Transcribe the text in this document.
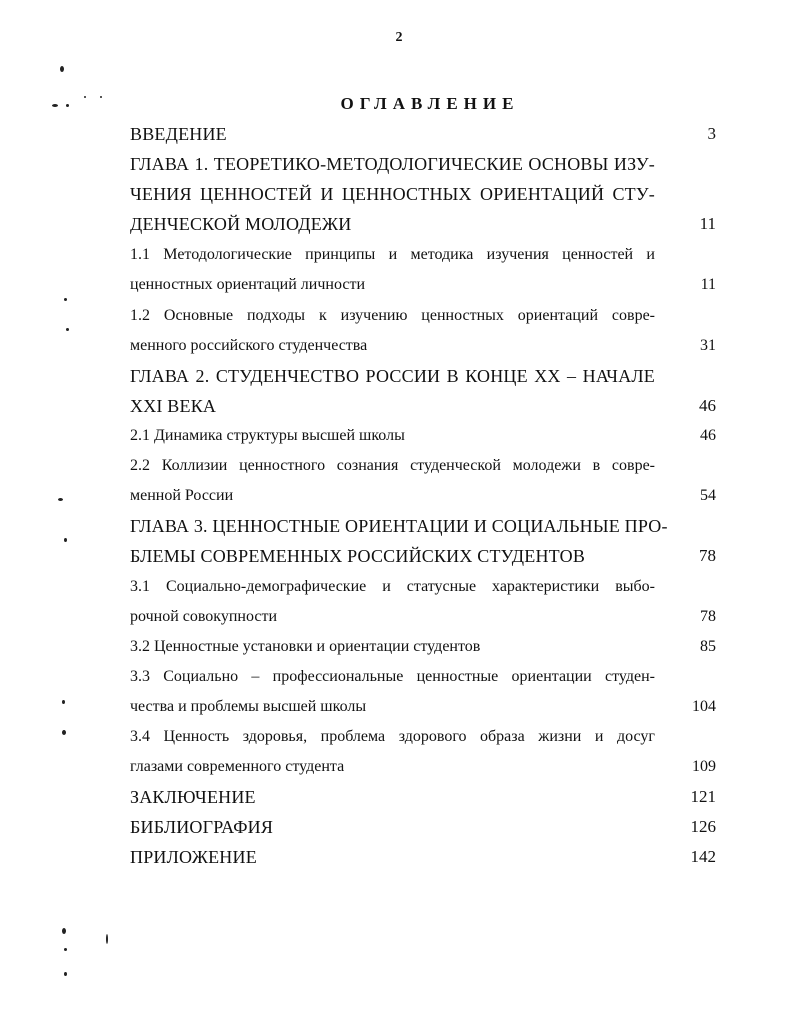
2
ОГЛАВЛЕНИЕ
ВВЕДЕНИЕ	3
ГЛАВА 1. ТЕОРЕТИКО-МЕТОДОЛОГИЧЕСКИЕ ОСНОВЫ ИЗУ-
ЧЕНИЯ ЦЕННОСТЕЙ И ЦЕННОСТНЫХ ОРИЕНТАЦИЙ СТУ-
ДЕНЧЕСКОЙ МОЛОДЕЖИ	11
1.1 Методологические принципы и методика изучения ценностей и
ценностных ориентаций личности	11
1.2 Основные подходы к изучению ценностных ориентаций совре-
менного российского студенчества	31
ГЛАВА 2. СТУДЕНЧЕСТВО РОССИИ В КОНЦЕ XX – НАЧАЛЕ
XXI ВЕКА	46
2.1 Динамика структуры высшей школы	46
2.2 Коллизии ценностного сознания студенческой молодежи в совре-
менной России	54
ГЛАВА 3. ЦЕННОСТНЫЕ ОРИЕНТАЦИИ И СОЦИАЛЬНЫЕ ПРО-
БЛЕМЫ СОВРЕМЕННЫХ РОССИЙСКИХ СТУДЕНТОВ	78
3.1 Социально-демографические и статусные характеристики выбо-
рочной совокупности	78
3.2 Ценностные установки и ориентации студентов	85
3.3 Социально – профессиональные ценностные ориентации студен-
чества и проблемы высшей школы	104
3.4 Ценность здоровья, проблема здорового образа жизни и досуг
глазами современного студента	109
ЗАКЛЮЧЕНИЕ	121
БИБЛИОГРАФИЯ	126
ПРИЛОЖЕНИЕ	142
